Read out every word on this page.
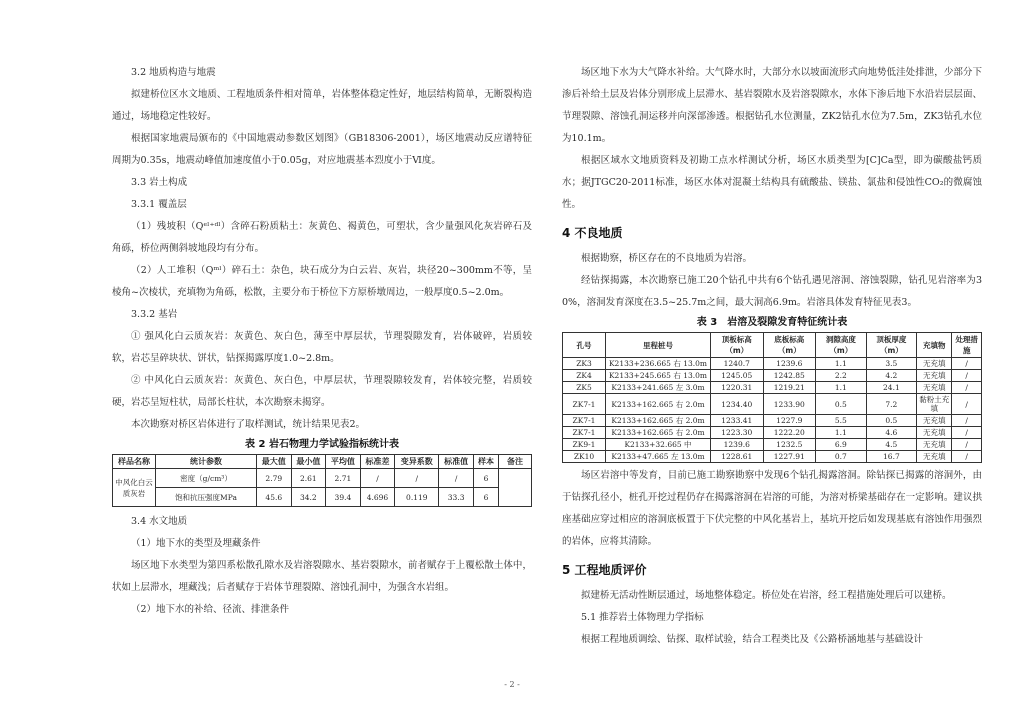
3.2 地质构造与地震

拟建桥位区水文地质、工程地质条件相对简单，岩体整体稳定性好，地层结构简单，无断裂构造通过，场地稳定性较好。

根据国家地震局颁布的《中国地震动参数区划图》（GB18306-2001），场区地震动反应谱特征周期为0.35s，地震动峰值加速度值小于0.05g，对应地震基本烈度小于Ⅵ度。

3.3 岩土构成

3.3.1 覆盖层

（1）残坡积（Qᵉˡ⁺ᵈˡ）含碎石粉质粘土：灰黄色、褐黄色，可塑状，含少量强风化灰岩碎石及角砾，桥位两侧斜坡地段均有分布。

（2）人工堆积（Qᵐˡ）碎石土：杂色，块石成分为白云岩、灰岩，块径20~300mm不等，呈棱角~次棱状，充填物为角砾，松散，主要分布于桥位下方原桥墩周边，一般厚度0.5~2.0m。

3.3.2 基岩

① 强风化白云质灰岩：灰黄色、灰白色，薄至中厚层状，节理裂隙发育，岩体破碎，岩质较软，岩芯呈碎块状、饼状，钻探揭露厚度1.0~2.8m。

② 中风化白云质灰岩：灰黄色、灰白色，中厚层状，节理裂隙较发育，岩体较完整，岩质较硬，岩芯呈短柱状，局部长柱状，本次勘察未揭穿。

本次勘察对桥区岩体进行了取样测试，统计结果见表2。

表 2 岩石物理力学试验指标统计表

样品名称	统计参数	最大值	最小值	平均值	标准差	变异系数	标准值	样本	备注
中风化白云质灰岩	密度（g/cm³）	2.79	2.61	2.71	/	/	/	6	
	饱和抗压强度MPa	45.6	34.2	39.4	4.696	0.119	33.3	6	

3.4 水文地质

（1）地下水的类型及埋藏条件

场区地下水类型为第四系松散孔隙水及岩溶裂隙水、基岩裂隙水，前者赋存于上覆松散土体中，状如上层滞水，埋藏浅；后者赋存于岩体节理裂隙、溶蚀孔洞中，为强含水岩组。

（2）地下水的补给、径流、排泄条件

场区地下水为大气降水补给。大气降水时，大部分水以坡面流形式向地势低洼处排泄，少部分下渗后补给土层及岩体分别形成上层滞水、基岩裂隙水及岩溶裂隙水，水体下渗后地下水沿岩层层面、节理裂隙、溶蚀孔洞运移并向深部渗透。根据钻孔水位测量，ZK2钻孔水位为7.5m，ZK3钻孔水位为10.1m。

根据区域水文地质资料及初勘工点水样测试分析，场区水质类型为[C]Ca型，即为碳酸盐钙质水；据JTGC20-2011标准，场区水体对混凝土结构具有硫酸盐、镁盐、氯盐和侵蚀性CO₂的微腐蚀性。

4 不良地质

根据勘察，桥区存在的不良地质为岩溶。

经钻探揭露，本次勘察已施工20个钻孔中共有6个钻孔遇见溶洞、溶蚀裂隙，钻孔见岩溶率为30%，溶洞发育深度在3.5~25.7m之间，最大洞高6.9m。岩溶具体发育特征见表3。

表 3　岩溶及裂隙发育特征统计表

孔号	里程桩号	顶板标高（m）	底板标高（m）	洞隙高度（m）	顶板厚度（m）	充填物	处理措施
ZK3	K2133+236.665 右 13.0m	1240.7	1239.6	1.1	3.5	无充填	/
ZK4	K2133+245.665 右 13.0m	1245.05	1242.85	2.2	4.2	无充填	/
ZK5	K2133+241.665 左 3.0m	1220.31	1219.21	1.1	24.1	无充填	/
ZK7-1	K2133+162.665 右 2.0m	1234.40	1233.90	0.5	7.2	黏粉土充填	/
ZK7-1	K2133+162.665 右 2.0m	1233.41	1227.9	5.5	0.5	无充填	/
ZK7-1	K2133+162.665 右 2.0m	1223.30	1222.20	1.1	4.6	无充填	/
ZK9-1	K2133+32.665 中	1239.6	1232.5	6.9	4.5	无充填	/
ZK10	K2133+47.665 左 13.0m	1228.61	1227.91	0.7	16.7	无充填	/

场区岩溶中等发育，目前已施工勘察勘察中发现6个钻孔揭露溶洞。除钻探已揭露的溶洞外，由于钻探孔径小，桩孔开挖过程仍存在揭露溶洞在岩溶的可能，为溶对桥梁基础存在一定影响。建议拱座基础应穿过相应的溶洞底板置于下伏完整的中风化基岩上，基坑开挖后如发现基底有溶蚀作用强烈的岩体，应将其清除。

5 工程地质评价

拟建桥无活动性断层通过，场地整体稳定。桥位处在岩溶，经工程措施处理后可以建桥。

5.1 推荐岩土体物理力学指标

根据工程地质调绘、钻探、取样试验，结合工程类比及《公路桥涵地基与基础设计

- 2 -
